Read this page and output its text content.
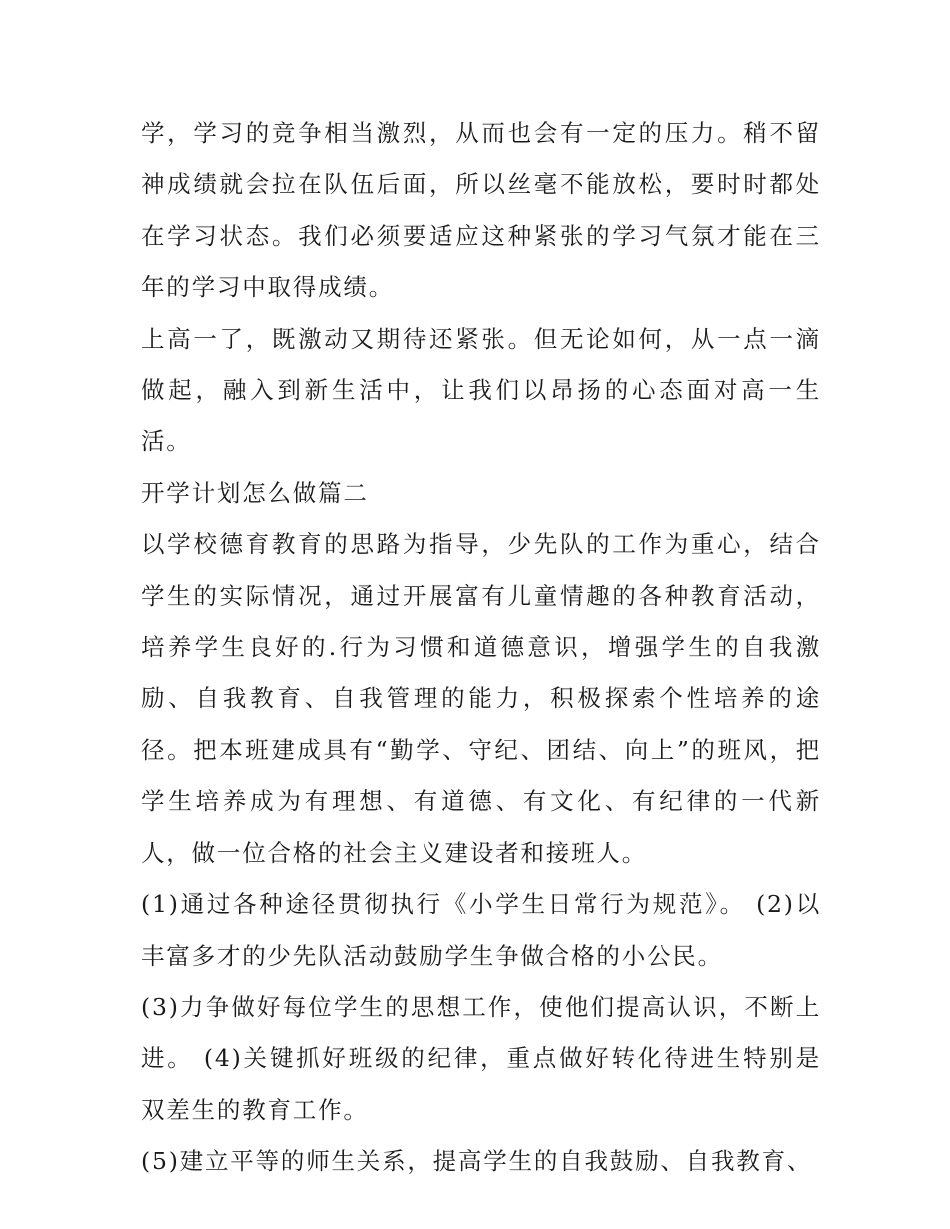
学，学习的竞争相当激烈，从而也会有一定的压力。稍不留神成绩就会拉在队伍后面，所以丝毫不能放松，要时时都处在学习状态。我们必须要适应这种紧张的学习气氛才能在三年的学习中取得成绩。

上高一了，既激动又期待还紧张。但无论如何，从一点一滴做起，融入到新生活中，让我们以昂扬的心态面对高一生活。

开学计划怎么做篇二

以学校德育教育的思路为指导，少先队的工作为重心，结合学生的实际情况，通过开展富有儿童情趣的各种教育活动，培养学生良好的.行为习惯和道德意识，增强学生的自我激励、自我教育、自我管理的能力，积极探索个性培养的途径。把本班建成具有“勤学、守纪、团结、向上”的班风，把学生培养成为有理想、有道德、有文化、有纪律的一代新人，做一位合格的社会主义建设者和接班人。

(1)通过各种途径贯彻执行《小学生日常行为规范》。 (2)以丰富多才的少先队活动鼓励学生争做合格的小公民。

(3)力争做好每位学生的思想工作，使他们提高认识，不断上进。 (4)关键抓好班级的纪律，重点做好转化待进生特别是双差生的教育工作。

(5)建立平等的师生关系，提高学生的自我鼓励、自我教育、
